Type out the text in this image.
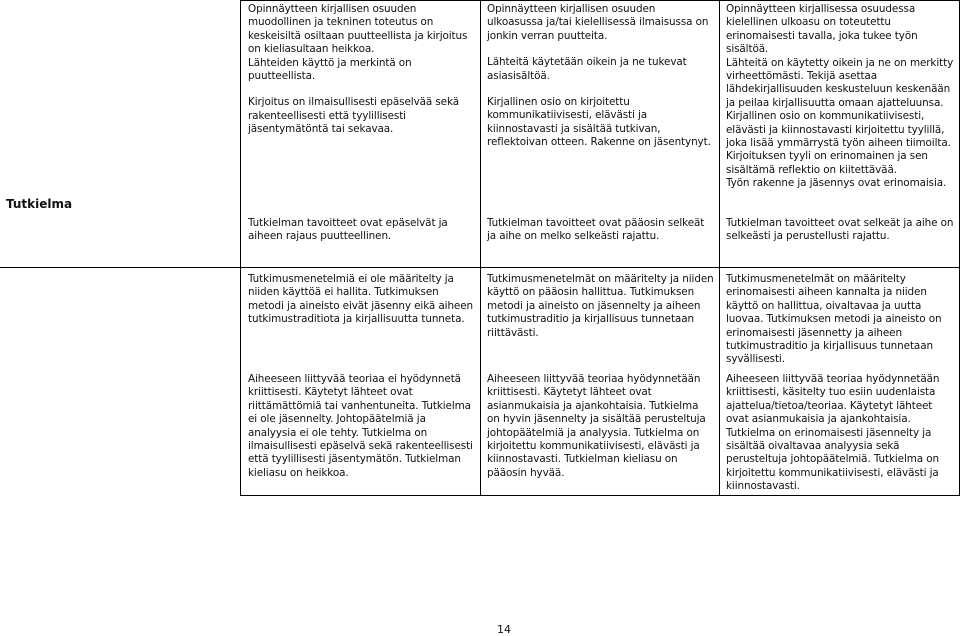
Tutkielma

Opinnäytteen kirjallisen osuuden muodollinen ja tekninen toteutus on keskeisiltä osiltaan puutteellista ja kirjoitus on kieliasultaan heikkoa.

Lähteiden käyttö ja merkintä on puutteellista.

Kirjoitus on ilmaisullisesti epäselvää sekä rakenteellisesti että tyylillisesti jäsentymätöntä tai sekavaa.

Tutkielman tavoitteet ovat epäselvät ja aiheen rajaus puutteellinen.

Opinnäytteen kirjallisen osuuden ulkoasussa ja/tai kielellisessä ilmaisussa on jonkin verran puutteita.

Lähteitä käytetään oikein ja ne tukevat asiasisältöä.

Kirjallinen osio on kirjoitettu kommunikatiivisesti, elävästi ja kiinnostavasti ja sisältää tutkivan, reflektoivan otteen. Rakenne on jäsentynyt.

Tutkielman tavoitteet ovat pääosin selkeät ja aihe on melko selkeästi rajattu.

Opinnäytteen kirjallisessa osuudessa kielellinen ulkoasu on toteutettu erinomaisesti tavalla, joka tukee työn sisältöä.

Lähteitä on käytetty oikein ja ne on merkitty virheettömästi. Tekijä asettaa lähdekirjallisuuden keskusteluun keskenään ja peilaa kirjallisuutta omaan ajatteluunsa.

Kirjallinen osio on kommunikatiivisesti, elävästi ja kiinnostavasti kirjoitettu tyylillä, joka lisää ymmärrystä työn aiheen tiimoilta.

Kirjoituksen tyyli on erinomainen ja sen sisältämä reflektio on kiitettävää.

Työn rakenne ja jäsennys ovat erinomaisia.

Tutkielman tavoitteet ovat selkeät ja aihe on selkeästi ja perustellusti rajattu.
Tutkimusmenetelmiä ei ole määritelty ja niiden käyttöä ei hallita. Tutkimuksen metodi ja aineisto eivät jäsenny eikä aiheen tutkimustraditiota ja kirjallisuutta tunneta.
Aiheeseen liittyvää teoriaa ei hyödynnetä kriittisesti. Käytetyt lähteet ovat riittämättömiä tai vanhentuneita. Tutkielma ei ole jäsennelty. Johtopäätelmiä ja analyysia ei ole tehty. Tutkielma on ilmaisullisesti epäselvä sekä rakenteellisesti että tyylillisesti jäsentymätön. Tutkielman kieliasu on heikkoa.
Tutkimusmenetelmät on määritelty ja niiden käyttö on pääosin hallittua. Tutkimuksen metodi ja aineisto on jäsennelty ja aiheen tutkimustraditio ja kirjallisuus tunnetaan riittävästi.
Aiheeseen liittyvää teoriaa hyödynnetään kriittisesti. Käytetyt lähteet ovat asianmukaisia ja ajankohtaisia. Tutkielma on hyvin jäsennelty ja sisältää perusteltuja johtopäätelmiä ja analyysia. Tutkielma on kirjoitettu kommunikatiivisesti, elävästi ja kiinnostavasti. Tutkielman kieliasu on pääosin hyvää.
Tutkimusmenetelmät on määritelty erinomaisesti aiheen kannalta ja niiden käyttö on hallittua, oivaltavaa ja uutta luovaa. Tutkimuksen metodi ja aineisto on erinomaisesti jäsennetty ja aiheen tutkimustraditio ja kirjallisuus tunnetaan syvällisesti.
Aiheeseen liittyvää teoriaa hyödynnetään kriittisesti, käsitelty tuo esiin uudenlaista ajattelua/tietoa/teoriaa. Käytetyt lähteet ovat asianmukaisia ja ajankohtaisia. Tutkielma on erinomaisesti jäsennelty ja sisältää oivaltavaa analyysia sekä perusteltuja johtopäätelmiä. Tutkielma on kirjoitettu kommunikatiivisesti, elävästi ja kiinnostavasti.
14
